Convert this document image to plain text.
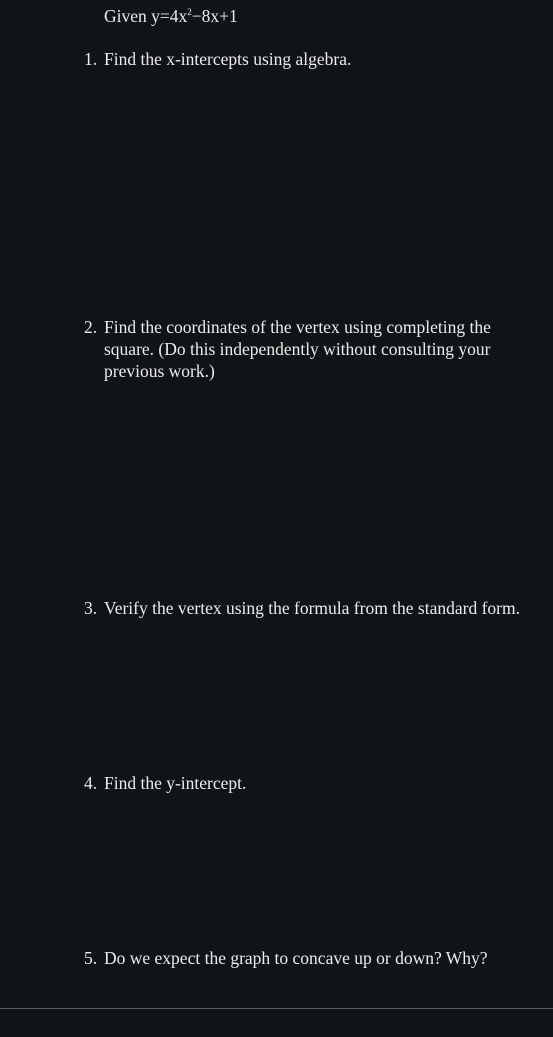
Given $y=4x^2-8x+1$
1. Find the x-intercepts using algebra.
2. Find the coordinates of the vertex using completing the square. (Do this independently without consulting your previous work.)
3. Verify the vertex using the formula from the standard form.
4. Find the y-intercept.
5. Do we expect the graph to concave up or down? Why?
